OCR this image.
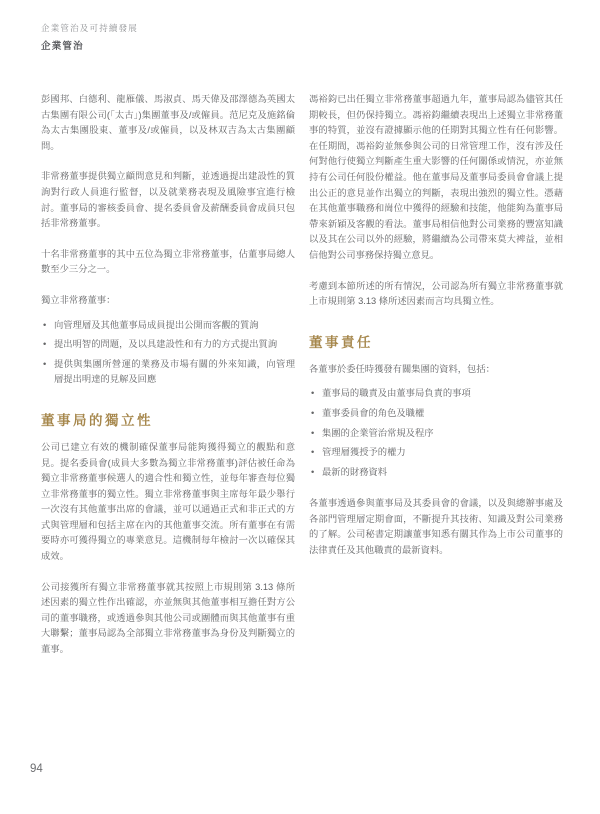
企業管治及可持續發展
企業管治

彭國邦、白德利、龍雁儀、馬淑貞、馬天偉及邵澤德為英國太古集團有限公司(「太古」)集團董事及/或僱員。范尼克及施銘倫為太古集團股東、董事及/或僱員，以及林双吉為太古集團顧問。

非常務董事提供獨立顧問意見和判斷，並透過提出建設性的質詢對行政人員進行監督，以及就業務表現及風險事宜進行檢討。董事局的審核委員會、提名委員會及薪酬委員會成員只包括非常務董事。

十名非常務董事的其中五位為獨立非常務董事，佔董事局總人數至少三分之一。

獨立非常務董事：

• 向管理層及其他董事局成員提出公開而客觀的質詢
• 提出明智的問題，及以具建設性和有力的方式提出質詢
• 提供與集團所營運的業務及市場有關的外來知識，向管理層提出明達的見解及回應
董事局的獨立性

公司已建立有效的機制確保董事局能夠獲得獨立的觀點和意見。提名委員會(成員大多數為獨立非常務董事)評估被任命為獨立非常務董事候選人的適合性和獨立性，並每年審查每位獨立非常務董事的獨立性。獨立非常務董事與主席每年最少舉行一次沒有其他董事出席的會議，並可以通過正式和非正式的方式與管理層和包括主席在內的其他董事交流。所有董事在有需要時亦可獲得獨立的專業意見。這機制每年檢討一次以確保其成效。

公司接獲所有獨立非常務董事就其按照上市規則第 3.13 條所述因素的獨立性作出確認，亦並無與其他董事相互擔任對方公司的董事職務，或透過參與其他公司或團體而與其他董事有重大聯繫；董事局認為全部獨立非常務董事為身份及判斷獨立的董事。

馮裕鈞已出任獨立非常務董事超過九年，董事局認為儘管其任期較長，但仍保持獨立。馮裕鈞繼續表現出上述獨立非常務董事的特質，並沒有證據顯示他的任期對其獨立性有任何影響。在任期間，馮裕鈞並無參與公司的日常管理工作，沒有涉及任何對他行使獨立判斷產生重大影響的任何關係或情況，亦並無持有公司任何股份權益。他在董事局及董事局委員會會議上提出公正的意見並作出獨立的判斷，表現出強烈的獨立性。憑藉在其他董事職務和崗位中獲得的經驗和技能，他能夠為董事局帶來新穎及客觀的看法。董事局相信他對公司業務的豐富知識以及其在公司以外的經驗，將繼續為公司帶來莫大裨益，並相信他對公司事務保持獨立意見。

考慮到本節所述的所有情況，公司認為所有獨立非常務董事就上市規則第 3.13 條所述因素而言均具獨立性。

董事責任

各董事於委任時獲發有關集團的資料，包括：

• 董事局的職責及由董事局負責的事項
• 董事委員會的角色及職權
• 集團的企業管治常規及程序
• 管理層獲授予的權力
• 最新的財務資料

各董事透過參與董事局及其委員會的會議，以及與總辦事處及各部門管理層定期會面，不斷提升其技術、知識及對公司業務的了解。公司秘書定期讓董事知悉有關其作為上市公司董事的法律責任及其他職責的最新資料。

94
